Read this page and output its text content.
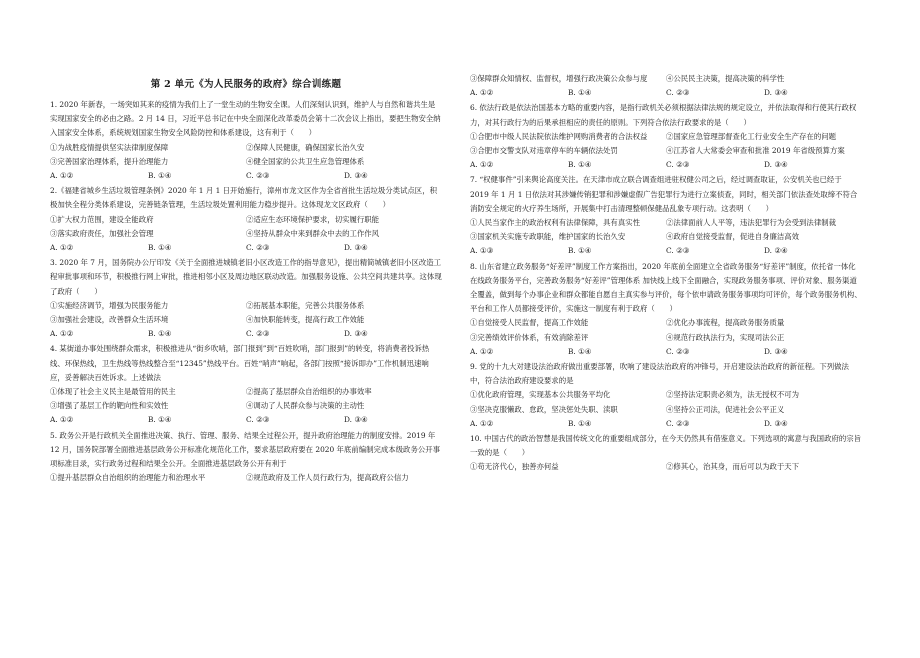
第 2 单元《为人民服务的政府》综合训练题

1. 2020 年新春，一场突如其来的疫情为我们上了一堂生动的生物安全课。人们深刻认识到，维护人与自然和谐共生是实现国家安全的必由之路。2 月 14 日，习近平总书记在中央全面深化改革委员会第十二次会议上指出，要把生物安全纳入国家安全体系，系统规划国家生物安全风险防控和体系建设，这有利于（　　）

①为战胜疫情提供坚实法律制度保障	②保障人民健康，确保国家长治久安
③完善国家治理体系，提升治理能力	④健全国家的公共卫生应急管理体系
A. ①②	B. ①④	C. ②③	D. ③④

2.《福建省城乡生活垃圾管理条例》2020 年 1 月 1 日开始施行，漳州市龙文区作为全省首批生活垃圾分类试点区，积极加快全程分类体系建设，完善链条管理，生活垃圾处置利用能力稳步提升。这体现龙文区政府（　　）

①扩大权力范围，建设全能政府	②适应生态环境保护要求，切实履行职能
③落实政府责任，加强社会管理	④坚持从群众中来到群众中去的工作作风
A. ①②	B. ①④	C. ②③	D. ③④

3. 2020 年 7 月，国务院办公厅印发《关于全面推进城镇老旧小区改造工作的指导意见》，提出精简城镇老旧小区改造工程审批事项和环节，积极推行网上审批，推进相邻小区及周边地区联动改造。加强服务设施、公共空间共建共享。这体现了政府（　　）

①实施经济调节，增强为民服务能力	②拓展基本职能，完善公共服务体系
③加强社会建设，改善群众生活环境	④加快职能转变，提高行政工作效能
A. ①②	B. ①④	C. ②③	D. ③④

4. 某街道办事处围绕群众需求，积极推进从“街乡吹哨，部门报到”到“百姓吹哨，部门报到”的转变，将消费者投诉热线、环保热线，卫生热线等热线整合至“12345”热线平台。百姓“哨声”响起，各部门按照“接诉即办”工作机制迅速响应，妥善解决百姓诉求。上述做法

①体现了社会主义民主是最管用的民主	②提高了基层群众自治组织的办事效率
③增强了基层工作的靶向性和实效性	④调动了人民群众参与决策的主动性
A. ①②	B. ①④	C. ②③	D. ③④

5. 政务公开是行政机关全面推进决策、执行、管理、服务、结果全过程公开，提升政府治理能力的制度安排。2019 年 12 月，国务院部署全面推进基层政务公开标准化规范化工作，要求基层政府要在 2020 年底前编制完成本级政务公开事项标准目录，实行政务过程和结果全公开。全面推进基层政务公开有利于

①提升基层群众自治组织的治理能力和治理水平	②规范政府及工作人员行政行为，提高政府公信力
③保障群众知情权、监督权，增强行政决策公众参与度	④公民民主决策，提高决策的科学性
A. ①②	B. ①④	C. ②③	D. ③④

6. 依法行政是依法治国基本方略的重要内容，是指行政机关必须根据法律法规的规定设立，并依法取得和行使其行政权力，对其行政行为的后果承担相应的责任的原则。下列符合依法行政要求的是（　　）

①合肥市中级人民法院依法维护网购消费者的合法权益	②国家应急管理部督查化工行业安全生产存在的问题
③合肥市交警支队对违章停车的车辆依法处罚	④江苏省人大常委会审查和批准 2019 年省级预算方案
A. ①②	B. ①④	C. ②③	D. ③④

7. “权健事件”引来舆论高度关注。在天津市成立联合调查组进驻权健公司之后，经过调查取证，公安机关也已经于 2019 年 1 月 1 日依法对其涉嫌传销犯罪和涉嫌虚假广告犯罪行为进行立案侦查，同时，相关部门依法查处取缔不符合消防安全规定的火疗养生场所，开展集中打击清理整顿保健品乱象专项行动。这表明（　　）

①人民当家作主的政治权利有法律保障，具有真实性	②法律面前人人平等，违法犯罪行为会受到法律制裁
③国家机关实施专政职能，维护国家的长治久安	④政府自觉接受监督，促进自身廉洁高效
A. ①③	B. ①④	C. ②③	D. ②④

8. 山东省建立政务服务“好差评”制度工作方案指出，2020 年底前全面建立全省政务服务“好差评”制度，依托省一体化在线政务服务平台，完善政务服务“好差评”管理体系 加快线上线下全面融合，实现政务服务事项、评价对象、服务渠道全覆盖，做到每个办事企业和群众都能自愿自主真实参与评价，每个依申请政务服务事项均可评价，每个政务服务机构、平台和工作人员都接受评价，实施这一制度有利于政府（　　）

①自觉接受人民监督，提高工作效能	②优化办事流程，提高政务服务质量
③完善绩效评价体系，有效消除差评	④规范行政执法行为，实现司法公正
A. ①②	B. ①④	C. ②③	D. ③④

9. 党的十九大对建设法治政府做出重要部署，吹响了建设法治政府的冲锋号，开启建设法治政府的新征程。下列做法中，符合法治政府建设要求的是

①优化政府管理，实现基本公共服务平均化	②坚持法定职责必须为，法无授权不可为
③坚决克服懒政、怠政，坚决惩处失职、渎职	④坚持公正司法，促进社会公平正义
A. ①②	B. ①④	C. ②③	D. ③④

10. 中国古代的政治智慧是我国传统文化的重要组成部分，在今天仍然具有借鉴意义。下列选项的寓意与我国政府的宗旨一致的是（　　）

①苟无济代心，独善亦何益	②修其心，治其身，而后可以为政于天下
